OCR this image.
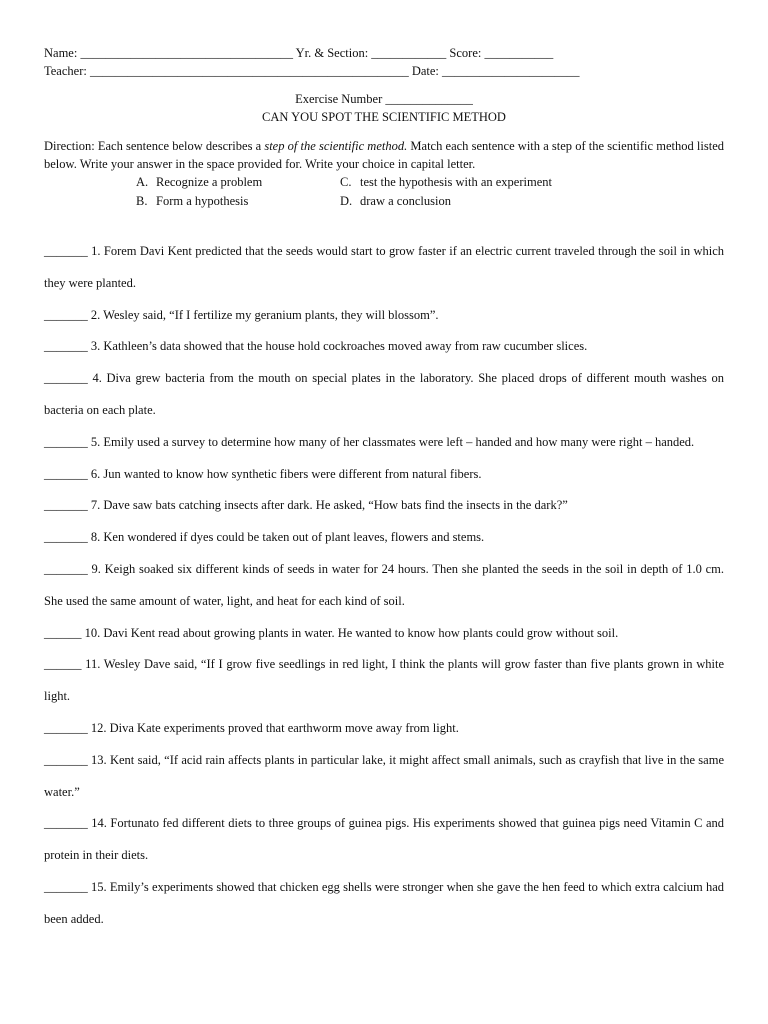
Name: __________________________________ Yr. & Section: ____________ Score: ___________
Teacher: ___________________________________________________ Date: ______________________
Exercise Number ______________
CAN YOU SPOT THE SCIENTIFIC METHOD
Direction: Each sentence below describes a step of the scientific method. Match each sentence with a step of the scientific method listed below. Write your answer in the space provided for. Write your choice in capital letter.
A. Recognize a problem	C. test the hypothesis with an experiment
B. Form a hypothesis	D. draw a conclusion
_______ 1. Forem Davi Kent predicted that the seeds would start to grow faster if an electric current traveled through the soil in which they were planted.
_______ 2. Wesley said, “If I fertilize my geranium plants, they will blossom”.
_______ 3. Kathleen’s data showed that the house hold cockroaches moved away from raw cucumber slices.
_______ 4. Diva grew bacteria from the mouth on special plates in the laboratory. She placed drops of different mouth washes on bacteria on each plate.
_______ 5. Emily used a survey to determine how many of her classmates were left – handed and how many were right – handed.
_______ 6. Jun wanted to know how synthetic fibers were different from natural fibers.
_______ 7. Dave saw bats catching insects after dark. He asked, “How bats find the insects in the dark?”
_______ 8. Ken wondered if dyes could be taken out of plant leaves, flowers and stems.
_______ 9. Keigh soaked six different kinds of seeds in water for 24 hours. Then she planted the seeds in the soil in depth of 1.0 cm. She used the same amount of water, light, and heat for each kind of soil.
______ 10. Davi Kent read about growing plants in water. He wanted to know how plants could grow without soil.
______ 11. Wesley Dave said, “If I grow five seedlings in red light, I think the plants will grow faster than five plants grown in white light.
_______ 12. Diva Kate experiments proved that earthworm move away from light.
_______ 13. Kent said, “If acid rain affects plants in particular lake, it might affect small animals, such as crayfish that live in the same water.”
_______ 14. Fortunato fed different diets to three groups of guinea pigs. His experiments showed that guinea pigs need Vitamin C and protein in their diets.
_______ 15. Emily’s experiments showed that chicken egg shells were stronger when she gave the hen feed to which extra calcium had been added.
